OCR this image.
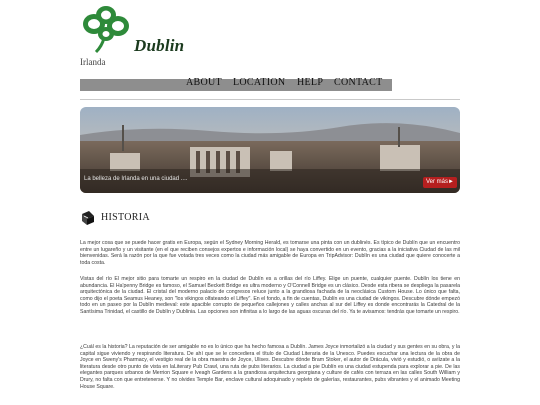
Dublin
Irlanda
ABOUT LOCATION HELP CONTACT
La belleza de Irlanda en una ciudad ....	Ver más ►
HISTORIA

La mejor cosa que se puede hacer gratis en Europa, según el Sydney Morning Herald, es tomarse una pinta con un dublinés. Es típico de Dublín que un encuentro entre un lugareño y un visitante (en el que reciben consejos expertos e información local) se haya convertido en un evento, gracias a la iniciativa Ciudad de las mil bienvenidas. Será la razón por la que fue votada tres veces como la ciudad más amigable de Europa en TripAdvisor: Dublín es una ciudad que quiere conocerte a toda costa.

Vistas del río El mejor sitio para tomarte un respiro en la ciudad de Dublín es a orillas del río Liffey. Elige un puente, cualquier puente. Dublín los tiene en abundancia. El Ha'penny Bridge es famoso, el Samuel Beckett Bridge es ultra moderno y O'Connell Bridge es un clásico. Desde esta ribera se despliega la pasarela arquitectónica de la ciudad. El cristal del moderno palacio de congresos reluce junto a la grandiosa fachada de la neoclásica Custom House. Lo único que falta, como dijo el poeta Seamus Heaney, son "los vikingos olfateando el Liffey". En el fondo, a fin de cuentas, Dublín es una ciudad de vikingos. Descubre dónde empezó todo en un paseo por la Dublín medieval: este apacible corrupto de pequeños callejones y calles anchas al sur del Liffey es donde encontrarás la Catedral de la Santísima Trinidad, el castillo de Dublín y Dublinia. Las opciones son infinitas a lo largo de las aguas oscuras del río. Ya te avisamos: tendrás que tomarte un respiro.

¿Cuál es la historia? La reputación de ser amigable no es lo único que ha hecho famosa a Dublín. James Joyce inmortalizó a la ciudad y sus gentes en su obra, y la capital sigue viviendo y respirando literatura. De ahí que se le concediera el título de Ciudad Literaria de la Unesco. Puedes escuchar una lectura de la obra de Joyce en Sweny's Pharmacy, el vestigio real de la obra maestra de Joyce, Ulises. Descubre dónde Bram Stoker, el autor de Drácula, vivió y estudió, o aviízate a la literatura desde otro punto de vista en laLiterary Pub Crawl, una ruta de pubs literarios. La ciudad a pie Dublín es una ciudad estupenda para explorar a pie. De las elegantes parques urbanos de Merrion Square e Iveagh Gardens a la grandiosa arquitectura georgiana y culture de cafés con terraza en las calles South William y Drury, no falta con que entretenerse. Y no olvides Temple Bar, enclave cultural adoquinado y repleto de galerías, restaurantes, pubs vibrantes y el animado Meeting House Square.
